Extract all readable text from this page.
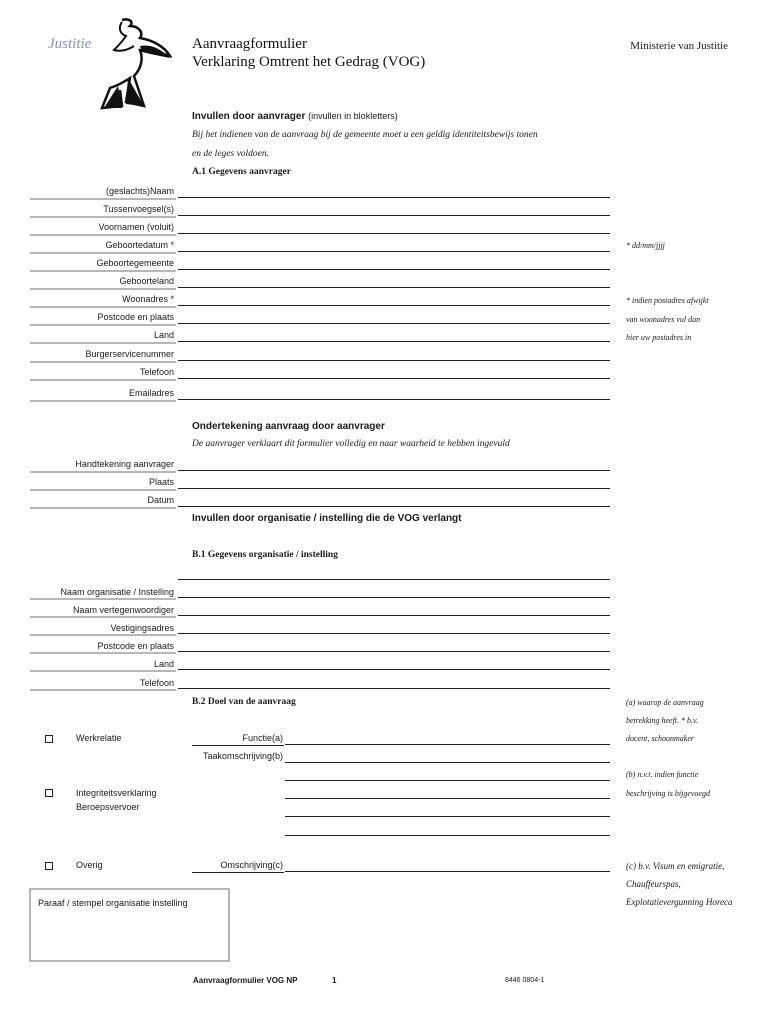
Justitie	Aanvraagformulier
Verklaring Omtrent het Gedrag (VOG)
Ministerie van Justitie
Invullen door aanvrager (invullen in blokletters)
Bij het indienen van de aanvraag bij de gemeente moet u een geldig identiteitsbewijs tonen
en de leges voldoen.
A.1 Gegevens aanvrager
(geslachts)Naam
Tussenvoegsel(s)
Voornamen (voluit)
Geboortedatum *	* dd/mm/jjjj
Geboortegemeente
Geboorteland
Woonadres *	* indien postadres afwijkt
Postcode en plaats	van woonadres vul dan
Land	hier uw postadres in
Burgerservicenummer
Telefoon
Emailadres
Ondertekening aanvraag door aanvrager
De aanvrager verklaart dit formulier volledig en naar waarheid te hebben ingevuld
Handtekening aanvrager
Plaats
Datum
Invullen door organisatie / instelling die de VOG verlangt
B.1 Gegevens organisatie / instelling
Naam organisatie / Instelling
Naam vertegenwoordiger
Vestigingsadres
Postcode en plaats
Land
Telefoon
B.2 Doel van de aanvraag	(a) waarop de aanvraag
betrekking heeft. * b.v.
docent, schoonmaker
(b) n.v.t. indien functie
beschrijving is bijgevoegd
(c) b.v. Visum en emigratie,
Chauffeurspas,
Explotatievergunning Horeca
Werkrelatie	Functie(a)
Taakomschrijving(b)
Integriteitsverklaring
Beroepsvervoer
Overig	Omschrijving(c)
Paraaf / stempel organisatie instelling
Aanvraagformulier VOG NP	1	8446 0804-1
